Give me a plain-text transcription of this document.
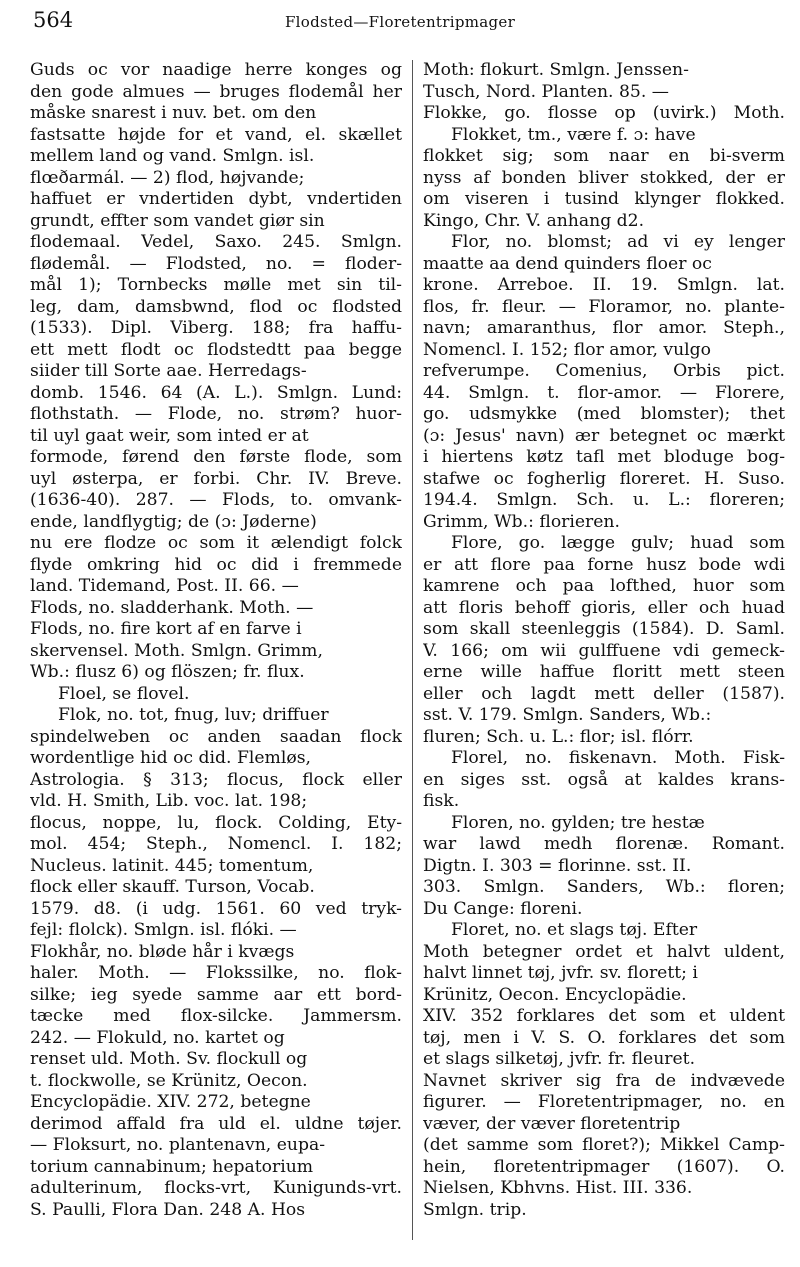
564	Flodsted—Floretentripmager
Guds oc vor naadige herre konges og
den gode almues — bruges flodemål her
måske snarest i nuv. bet. om den
fastsatte højde for et vand, el. skællet
mellem land og vand. Smlgn. isl.
flœðarmál. — 2) flod, højvande;
haffuet er vndertiden dybt, vndertiden
grundt, effter som vandet giør sin
flodemaal. Vedel, Saxo. 245. Smlgn.
flødemål. — Flodsted, no. = floder-
mål 1); Tornbecks mølle met sin til-
leg, dam, damsbwnd, flod oc flodsted
(1533). Dipl. Viberg. 188; fra haffu-
ett mett flodt oc flodstedtt paa begge
siider till Sorte aae. Herredags-
domb. 1546. 64 (A. L.). Smlgn. Lund:
flothstath. — Flode, no. strøm? huor-
til uyl gaat weir, som inted er at
formode, førend den første flode, som
uyl østerpa, er forbi. Chr. IV. Breve.
(1636-40). 287. — Flods, to. omvank-
ende, landflygtig; de (ɔ: Jøderne)
nu ere flodze oc som it ælendigt folck
flyde omkring hid oc did i fremmede
land. Tidemand, Post. II. 66. —
Flods, no. sladderhank. Moth. —
Flods, no. fire kort af en farve i
skervensel. Moth. Smlgn. Grimm,
Wb.: flusz 6) og flöszen; fr. flux.
Floel, se flovel.
Flok, no. tot, fnug, luv; driffuer
spindelweben oc anden saadan flock
wordentlige hid oc did. Flemløs,
Astrologia. § 313; flocus, flock eller
vld. H. Smith, Lib. voc. lat. 198;
flocus, noppe, lu, flock. Colding, Ety-
mol. 454; Steph., Nomencl. I. 182;
Nucleus. latinit. 445; tomentum,
flock eller skauff. Turson, Vocab.
1579. d8. (i udg. 1561. 60 ved tryk-
fejl: flolck). Smlgn. isl. flóki. —
Flokhår, no. bløde hår i kvægs
haler. Moth. — Flokssilke, no. flok-
silke; ieg syede samme aar ett bord-
tæcke med flox-silcke. Jammersm.
242. — Flokuld, no. kartet og
renset uld. Moth. Sv. flockull og
t. flockwolle, se Krünitz, Oecon.
Encyclopädie. XIV. 272, betegne
derimod affald fra uld el. uldne tøjer.
— Floksurt, no. plantenavn, eupa-
torium cannabinum; hepatorium
adulterinum, flocks-vrt, Kunigunds-vrt.
S. Paulli, Flora Dan. 248 A. Hos
Moth: flokurt. Smlgn. Jenssen-
Tusch, Nord. Planten. 85. —
Flokke, go. flosse op (uvirk.) Moth.
Flokket, tm., være f. ɔ: have
flokket sig; som naar en bi-sverm
nyss af bonden bliver stokked, der er
om viseren i tusind klynger flokked.
Kingo, Chr. V. anhang d2.
Flor, no. blomst; ad vi ey lenger
maatte aa dend quinders floer oc
krone. Arreboe. II. 19. Smlgn. lat.
flos, fr. fleur. — Floramor, no. plante-
navn; amaranthus, flor amor. Steph.,
Nomencl. I. 152; flor amor, vulgo
refverumpe. Comenius, Orbis pict.
44. Smlgn. t. flor-amor. — Florere,
go. udsmykke (med blomster); thet
(ɔ: Jesus' navn) ær betegnet oc mærkt
i hiertens køtz tafl met bloduge bog-
stafwe oc fogherlig floreret. H. Suso.
194.4. Smlgn. Sch. u. L.: floreren;
Grimm, Wb.: florieren.
Flore, go. lægge gulv; huad som
er att flore paa forne husz bode wdi
kamrene och paa lofthed, huor som
att floris behoff gioris, eller och huad
som skall steenleggis (1584). D. Saml.
V. 166; om wii gulffuene vdi gemeck-
erne wille haffue floritt mett steen
eller och lagdt mett deller (1587).
sst. V. 179. Smlgn. Sanders, Wb.:
fluren; Sch. u. L.: flor; isl. flórr.
Florel, no. fiskenavn. Moth. Fisk-
en siges sst. også at kaldes krans-
fisk.
Floren, no. gylden; tre hestæ
war lawd medh florenæ. Romant.
Digtn. I. 303 = florinne. sst. II.
303. Smlgn. Sanders, Wb.: floren;
Du Cange: floreni.
Floret, no. et slags tøj. Efter
Moth betegner ordet et halvt uldent,
halvt linnet tøj, jvfr. sv. florett; i
Krünitz, Oecon. Encyclopädie.
XIV. 352 forklares det som et uldent
tøj, men i V. S. O. forklares det som
et slags silketøj, jvfr. fr. fleuret.
Navnet skriver sig fra de indvævede
figurer. — Floretentripmager, no. en
væver, der væver floretentrip
(det samme som floret?); Mikkel Camp-
hein, floretentripmager (1607). O.
Nielsen, Kbhvns. Hist. III. 336.
Smlgn. trip.
